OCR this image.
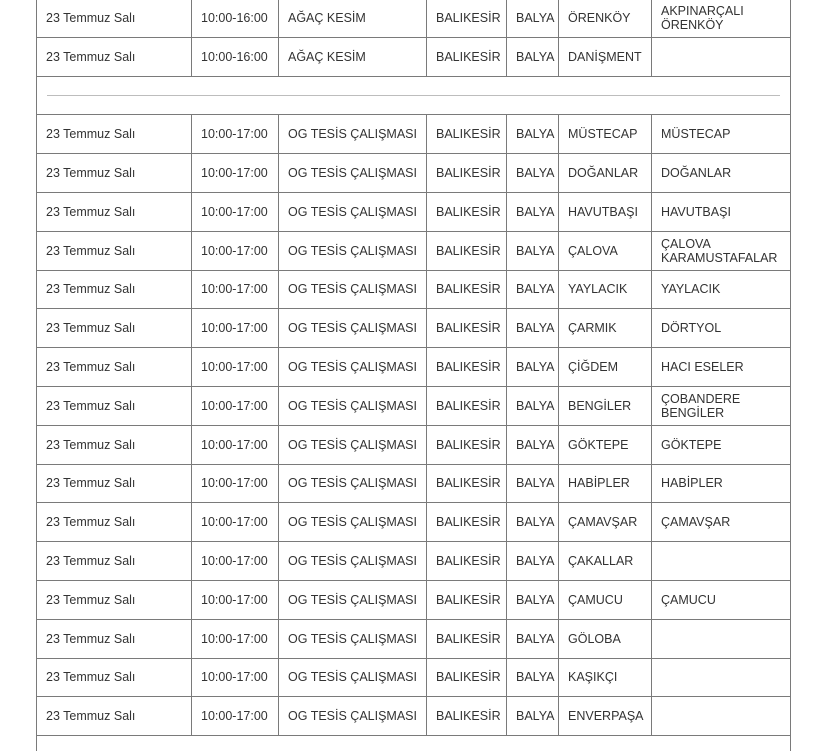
23 Temmuz Salı	10:00-16:00	AĞAÇ KESİM	BALIKESİR	BALYA	ÖRENKÖY	AKPINARÇALI
ÖRENKÖY

23 Temmuz Salı	10:00-16:00	AĞAÇ KESİM	BALIKESİR	BALYA	DANİŞMENT	

23 Temmuz Salı	10:00-17:00	OG TESİS ÇALIŞMASI	BALIKESİR	BALYA	MÜSTECAP	MÜSTECAP

23 Temmuz Salı	10:00-17:00	OG TESİS ÇALIŞMASI	BALIKESİR	BALYA	DOĞANLAR	DOĞANLAR

23 Temmuz Salı	10:00-17:00	OG TESİS ÇALIŞMASI	BALIKESİR	BALYA	HAVUTBAŞI	HAVUTBAŞI

23 Temmuz Salı	10:00-17:00	OG TESİS ÇALIŞMASI	BALIKESİR	BALYA	ÇALOVA	ÇALOVA
KARAMUSTAFALAR

23 Temmuz Salı	10:00-17:00	OG TESİS ÇALIŞMASI	BALIKESİR	BALYA	YAYLACIK	YAYLACIK

23 Temmuz Salı	10:00-17:00	OG TESİS ÇALIŞMASI	BALIKESİR	BALYA	ÇARMIK	DÖRTYOL

23 Temmuz Salı	10:00-17:00	OG TESİS ÇALIŞMASI	BALIKESİR	BALYA	ÇİĞDEM	HACI ESELER

23 Temmuz Salı	10:00-17:00	OG TESİS ÇALIŞMASI	BALIKESİR	BALYA	BENGİLER	ÇOBANDERE
BENGİLER

23 Temmuz Salı	10:00-17:00	OG TESİS ÇALIŞMASI	BALIKESİR	BALYA	GÖKTEPE	GÖKTEPE

23 Temmuz Salı	10:00-17:00	OG TESİS ÇALIŞMASI	BALIKESİR	BALYA	HABİPLER	HABİPLER

23 Temmuz Salı	10:00-17:00	OG TESİS ÇALIŞMASI	BALIKESİR	BALYA	ÇAMAVŞAR	ÇAMAVŞAR

23 Temmuz Salı	10:00-17:00	OG TESİS ÇALIŞMASI	BALIKESİR	BALYA	ÇAKALLAR	
23 Temmuz Salı	10:00-17:00	OG TESİS ÇALIŞMASI	BALIKESİR	BALYA	ÇAMUCU	ÇAMUCU

23 Temmuz Salı	10:00-17:00	OG TESİS ÇALIŞMASI	BALIKESİR	BALYA	GÖLOBA	
23 Temmuz Salı	10:00-17:00	OG TESİS ÇALIŞMASI	BALIKESİR	BALYA	KAŞIKÇI	
23 Temmuz Salı	10:00-17:00	OG TESİS ÇALIŞMASI	BALIKESİR	BALYA	ENVERPAŞA	
